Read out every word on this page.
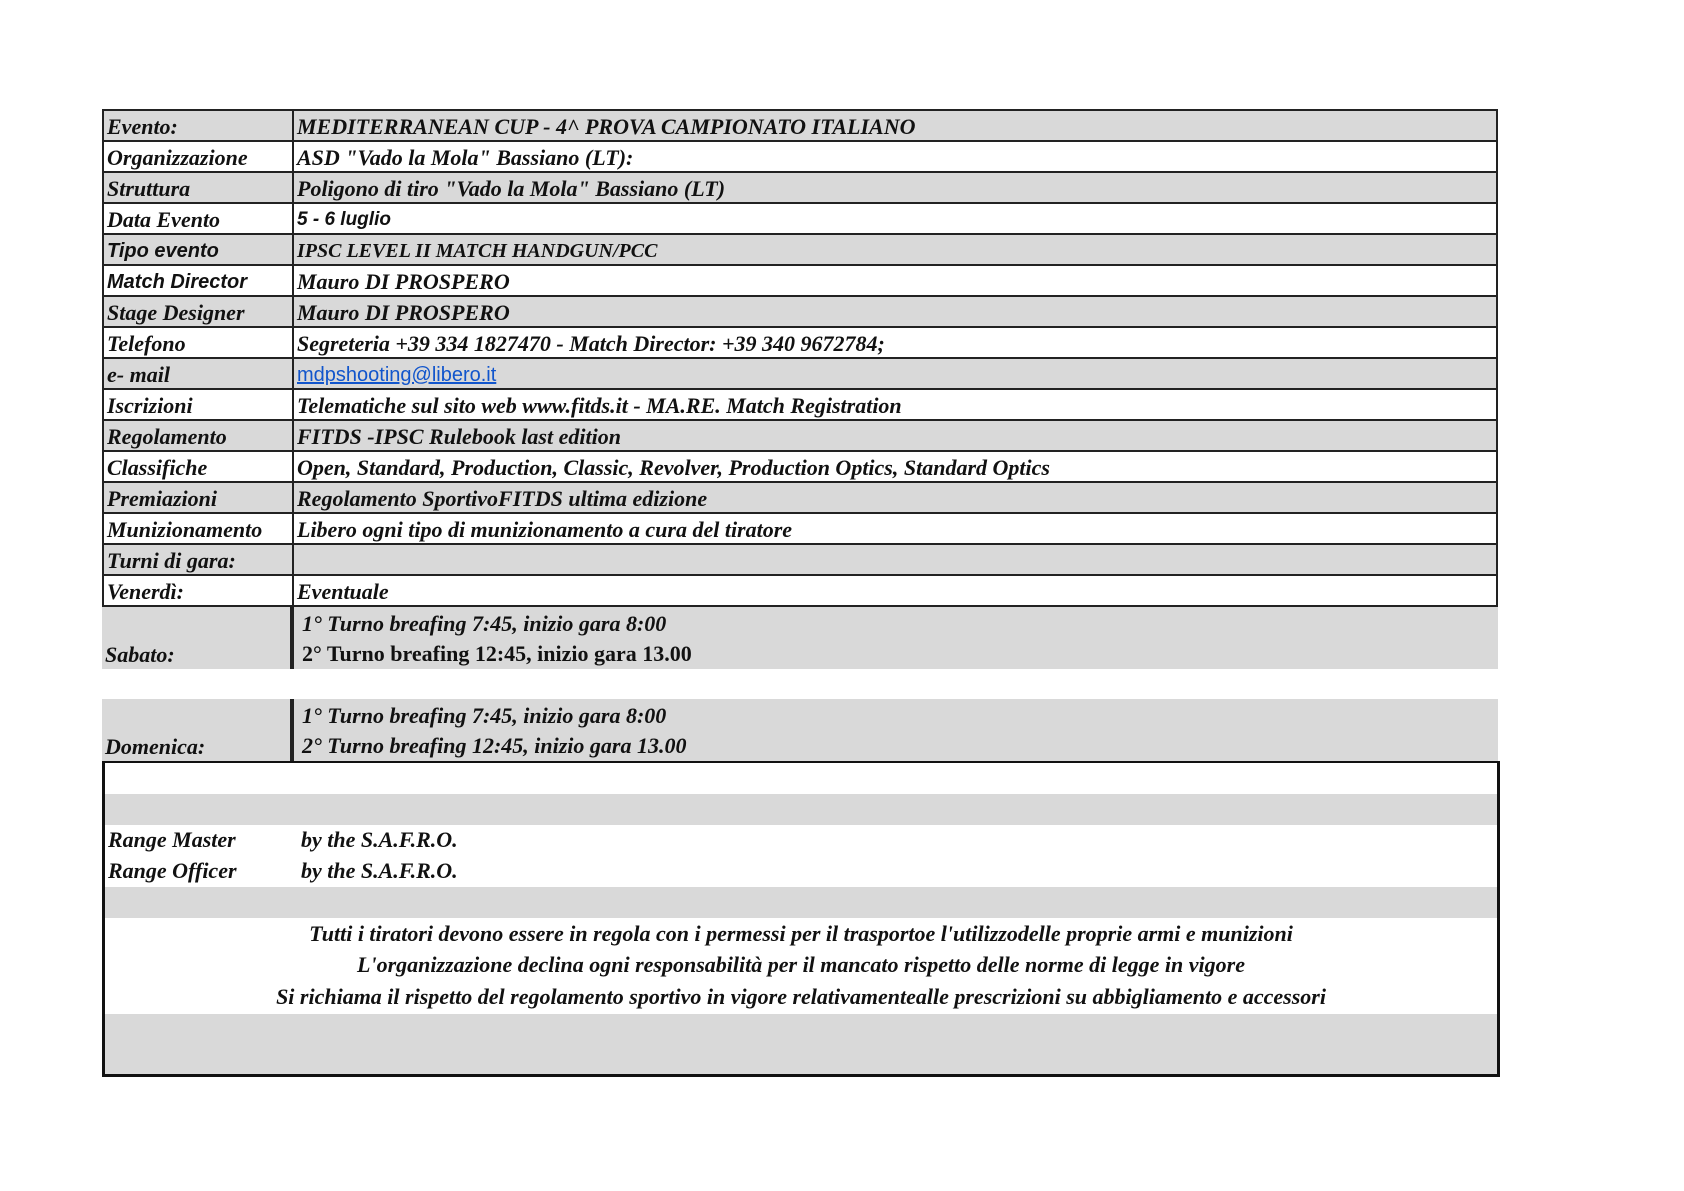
Evento:	MEDITERRANEAN CUP - 4^ PROVA CAMPIONATO ITALIANO
Organizzazione	ASD "Vado la Mola" Bassiano (LT):
Struttura	Poligono di tiro "Vado la Mola" Bassiano (LT)
Data Evento	5 - 6 luglio
Tipo evento	IPSC LEVEL II MATCH HANDGUN/PCC
Match Director	Mauro DI PROSPERO
Stage Designer	Mauro DI PROSPERO
Telefono	Segreteria +39 334 1827470 - Match Director: +39 340 9672784;
e- mail	mdpshooting@libero.it
Iscrizioni	Telematiche sul sito web www.fitds.it - MA.RE. Match Registration
Regolamento	FITDS -IPSC Rulebook last edition
Classifiche	Open, Standard, Production, Classic, Revolver, Production Optics, Standard Optics
Premiazioni	Regolamento SportivoFITDS ultima edizione
Munizionamento	Libero ogni tipo di munizionamento a cura del tiratore
Turni di gara:	
Venerdì:	Eventuale
Sabato:
1° Turno breafing 7:45, inizio gara 8:00
2° Turno breafing 12:45, inizio gara 13.00
Domenica:
1° Turno breafing 7:45, inizio gara 8:00
2° Turno breafing 12:45, inizio gara 13.00
Range Master	by the S.A.F.R.O.
Range Officer	by the S.A.F.R.O.
Tutti i tiratori devono essere in regola con i permessi per il trasportoe l'utilizzodelle proprie armi e munizioni
L'organizzazione declina ogni responsabilità per il mancato rispetto delle norme di legge in vigore
Si richiama il rispetto del regolamento sportivo in vigore relativamentealle prescrizioni su abbigliamento e accessori
